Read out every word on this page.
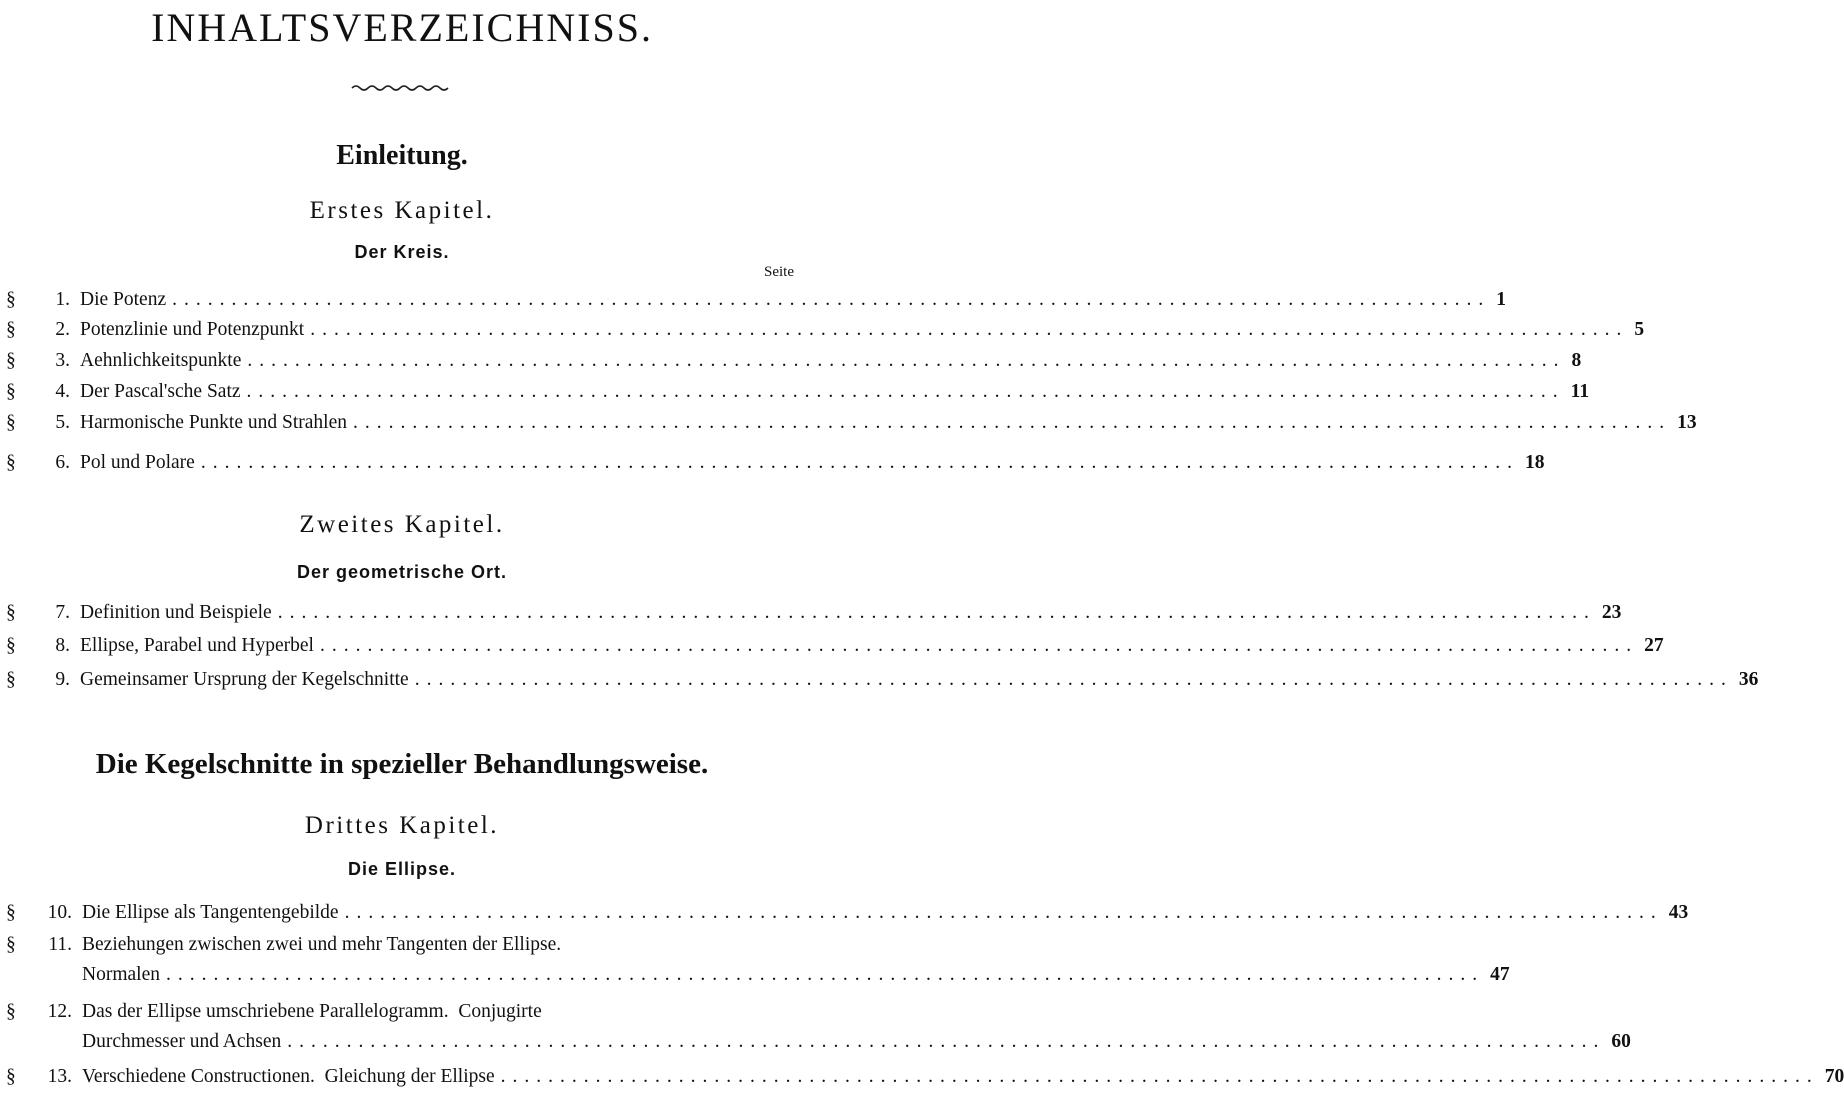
INHALTSVERZEICHNISS.
Einleitung.
Erstes Kapitel.
Der Kreis.
Seite
§	1. Die Potenz ............................................................................................................... 1
§	2. Potenzlinie und Potenzpunkt ............................................................................................................... 5
§	3. Aehnlichkeitspunkte ............................................................................................................... 8
§	4. Der Pascal'sche Satz ............................................................................................................... 11
§	5. Harmonische Punkte und Strahlen ............................................................................................................... 13
§	6. Pol und Polare ............................................................................................................... 18
Zweites Kapitel.
Der geometrische Ort.
§	7. Definition und Beispiele ............................................................................................................... 23
§	8. Ellipse, Parabel und Hyperbel ............................................................................................................... 27
§	9. Gemeinsamer Ursprung der Kegelschnitte ............................................................................................................... 36
Die Kegelschnitte in spezieller Behandlungsweise.
Drittes Kapitel.
Die Ellipse.
§	10. Die Ellipse als Tangentengebilde ............................................................................................................... 43
§	11. Beziehungen zwischen zwei und mehr Tangenten der Ellipse.
Normalen ............................................................................................................... 47
§	12. Das der Ellipse umschriebene Parallelogramm.  Conjugirte
Durchmesser und Achsen ............................................................................................................... 60
§	13. Verschiedene Constructionen.  Gleichung der Ellipse ............................................................................................................... 70
